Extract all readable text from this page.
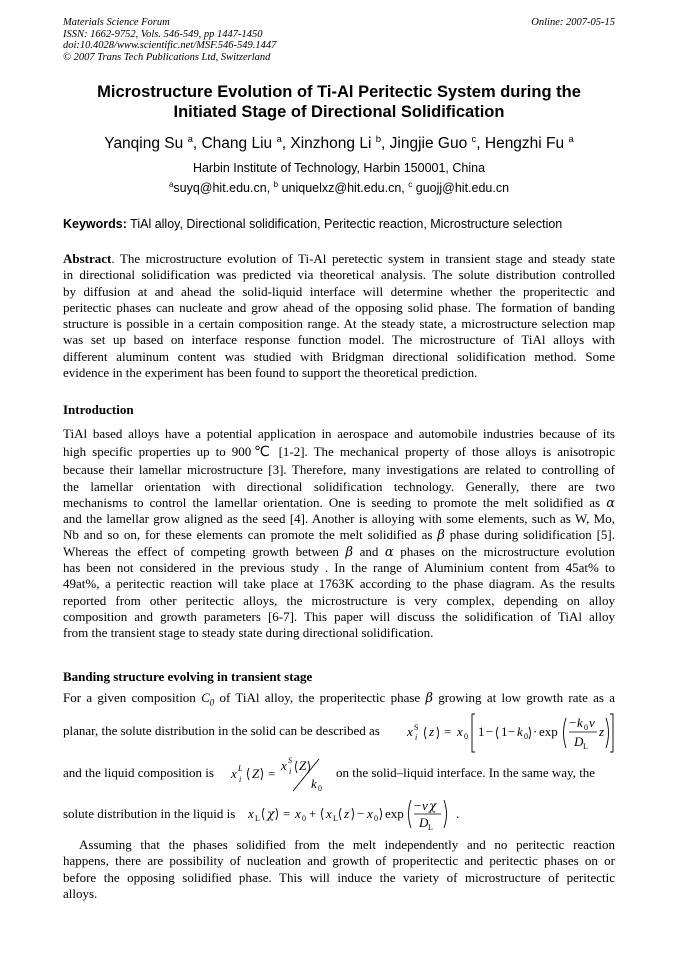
Materials Science Forum
ISSN: 1662-9752, Vols. 546-549, pp 1447-1450
doi:10.4028/www.scientific.net/MSF.546-549.1447
© 2007 Trans Tech Publications Ltd, Switzerland
Online: 2007-05-15
Microstructure Evolution of Ti-Al Peritectic System during the
Initiated Stage of Directional Solidification
Yanqing Su $^a$, Chang Liu $^a$, Xinzhong Li $^b$, Jingjie Guo $^c$, Hengzhi Fu $^a$
Harbin Institute of Technology, Harbin 150001, China
$^a$suyq@hit.edu.cn, $^b$ uniquelxz@hit.edu.cn, $^c$ guojj@hit.edu.cn
Keywords: TiAl alloy, Directional solidification, Peritectic reaction, Microstructure selection
Abstract. The microstructure evolution of Ti-Al peretectic system in transient stage and steady state
in directional solidification was predicted via theoretical analysis. The solute distribution controlled
by diffusion at and ahead the solid-liquid interface will determine whether the properitectic and
peritectic phases can nucleate and grow ahead of the opposing solid phase. The formation of banding
structure is possible in a certain composition range. At the steady state, a microstructure selection map
was set up based on interface response function model. The microstructure of TiAl alloys with
different aluminum content was studied with Bridgman directional solidification method. Some
evidence in the experiment has been found to support the theoretical prediction.
Introduction
TiAl based alloys have a potential application in aerospace and automobile industries because of its
high specific properties up to 900℃ [1-2]. The mechanical property of those alloys is anisotropic
because their lamellar microstructure [3]. Therefore, many investigations are related to controlling of
the lamellar orientation with directional solidification technology. Generally, there are two
mechanisms to control the lamellar orientation. One is seeding to promote the melt solidified as α
and the lamellar grow aligned as the seed [4]. Another is alloying with some elements, such as W, Mo,
Nb and so on, for these elements can promote the melt solidified as β phase during solidification [5].
Whereas the effect of competing growth between β and α phases on the microstructure evolution
has been not considered in the previous study . In the range of Aluminium content from 45at% to
49at%, a peritectic reaction will take place at 1763K according to the phase diagram. As the results
reported from other peritectic alloys, the microstructure is very complex, depending on alloy
composition and growth parameters [6-7]. This paper will discuss the solidification of TiAl alloy
from the transient stage to steady state during directional solidification.
Banding structure evolving in transient stage
For a given composition $C_0$ of TiAl alloy, the properitectic phase β growing at low growth rate as a
planar, the solute distribution in the solid can be described as x S
i z = x 0 1 − 1 − k 0 · exp
− k 0 v
D L
z
and the liquid composition is	on the solid–liquid interface. In the same way, the
x L
i Z =
x S
i Z
k 0
solute distribution in the liquid is	.
x L χ = x 0 + x L z − x 0 exp
− v χ
D L
Assuming that the phases solidified from the melt independently and no peritectic reaction
happens, there are possibility of nucleation and growth of properitectic and peritectic phases on or
before the opposing solidified phase. This will induce the variety of microstructure of peritectic
alloys.
